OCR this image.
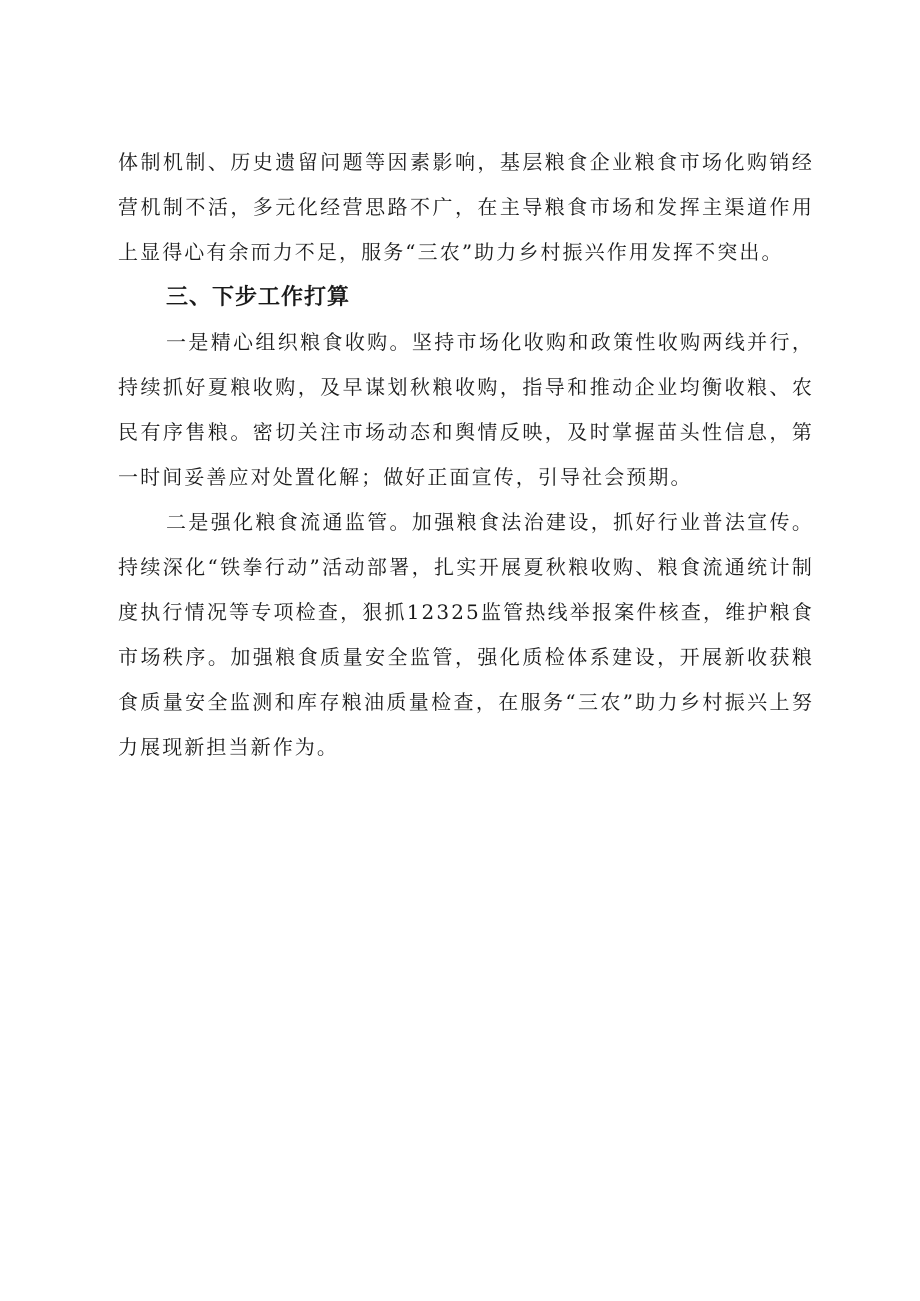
体制机制、历史遗留问题等因素影响，基层粮食企业粮食市场化购销经营机制不活，多元化经营思路不广，在主导粮食市场和发挥主渠道作用上显得心有余而力不足，服务“三农”助力乡村振兴作用发挥不突出。

三、下步工作打算

一是精心组织粮食收购。坚持市场化收购和政策性收购两线并行，持续抓好夏粮收购，及早谋划秋粮收购，指导和推动企业均衡收粮、农民有序售粮。密切关注市场动态和舆情反映，及时掌握苗头性信息，第一时间妥善应对处置化解；做好正面宣传，引导社会预期。

二是强化粮食流通监管。加强粮食法治建设，抓好行业普法宣传。持续深化“铁拳行动”活动部署，扎实开展夏秋粮收购、粮食流通统计制度执行情况等专项检查，狠抓12325监管热线举报案件核查，维护粮食市场秩序。加强粮食质量安全监管，强化质检体系建设，开展新收获粮食质量安全监测和库存粮油质量检查，在服务“三农”助力乡村振兴上努力展现新担当新作为。
